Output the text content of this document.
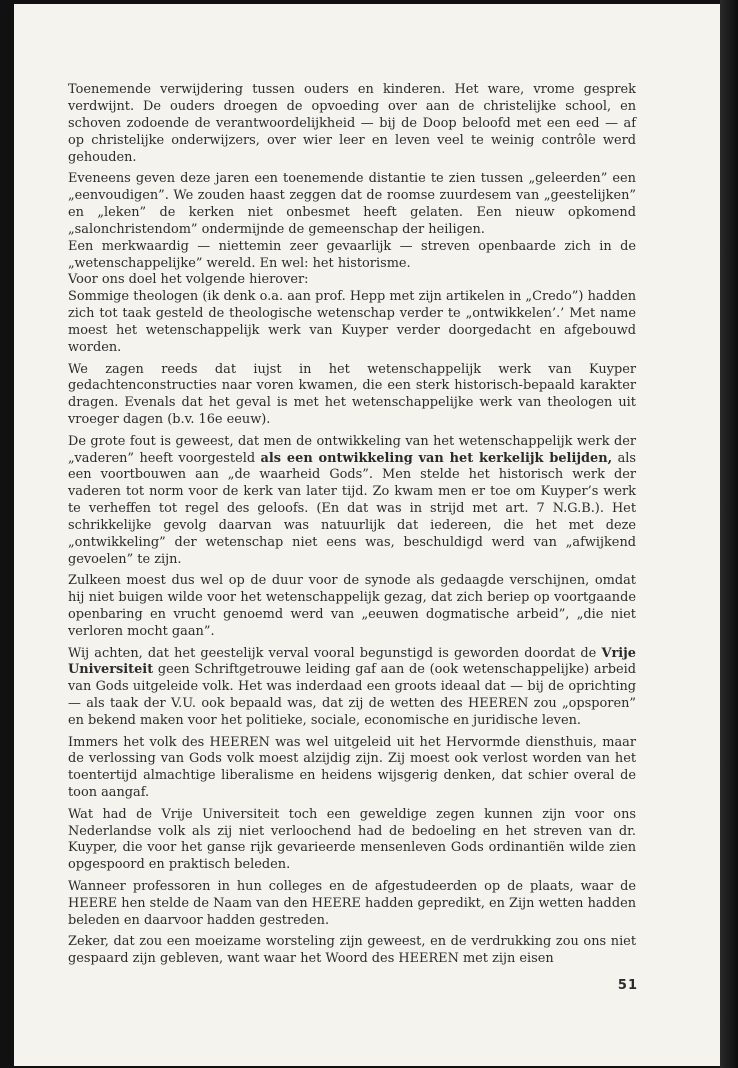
Toenemende verwijdering tussen ouders en kinderen. Het ware, vrome gesprek verdwijnt. De ouders droegen de opvoeding over aan de christelijke school, en schoven zodoende de verantwoordelijkheid — bij de Doop beloofd met een eed — af op christelijke onderwijzers, over wier leer en leven veel te weinig contrôle werd gehouden.

Eveneens geven deze jaren een toenemende distantie te zien tussen „geleerden” een „eenvoudigen”. We zouden haast zeggen dat de roomse zuurdesem van „geestelijken” en „leken” de kerken niet onbesmet heeft gelaten. Een nieuw opkomend „salonchristendom” ondermijnde de gemeenschap der heiligen.

Een merkwaardig — niettemin zeer gevaarlijk — streven openbaarde zich in de „wetenschappelijke” wereld. En wel: het historisme.

Voor ons doel het volgende hierover:

Sommige theologen (ik denk o.a. aan prof. Hepp met zijn artikelen in „Credo”) hadden zich tot taak gesteld de theologische wetenschap verder te „ontwikkelen’.’ Met name moest het wetenschappelijk werk van Kuyper verder doorgedacht en afgebouwd worden.

We zagen reeds dat iujst in het wetenschappelijk werk van Kuyper gedachtenconstructies naar voren kwamen, die een sterk historisch-bepaald karakter dragen. Evenals dat het geval is met het wetenschappelijke werk van theologen uit vroeger dagen (b.v. 16e eeuw).

De grote fout is geweest, dat men de ontwikkeling van het wetenschappelijk werk der „vaderen” heeft voorgesteld als een ontwikkeling van het kerkelijk belijden, als een voortbouwen aan „de waarheid Gods”. Men stelde het historisch werk der vaderen tot norm voor de kerk van later tijd. Zo kwam men er toe om Kuyper’s werk te verheffen tot regel des geloofs. (En dat was in strijd met art. 7 N.G.B.). Het schrikkelijke gevolg daarvan was natuurlijk dat iedereen, die het met deze „ontwikkeling” der wetenschap niet eens was, beschuldigd werd van „afwijkend gevoelen” te zijn.

Zulkeen moest dus wel op de duur voor de synode als gedaagde verschijnen, omdat hij niet buigen wilde voor het wetenschappelijk gezag, dat zich beriep op voortgaande openbaring en vrucht genoemd werd van „eeuwen dogmatische arbeid”, „die niet verloren mocht gaan”.

Wij achten, dat het geestelijk verval vooral begunstigd is geworden doordat de Vrije Universiteit geen Schriftgetrouwe leiding gaf aan de (ook wetenschappelijke) arbeid van Gods uitgeleide volk. Het was inderdaad een groots ideaal dat — bij de oprichting — als taak der V.U. ook bepaald was, dat zij de wetten des HEEREN zou „opsporen” en bekend maken voor het politieke, sociale, economische en juridische leven.

Immers het volk des HEEREN was wel uitgeleid uit het Hervormde diensthuis, maar de verlossing van Gods volk moest alzijdig zijn. Zij moest ook verlost worden van het toentertijd almachtige liberalisme en heidens wijsgerig denken, dat schier overal de toon aangaf.

Wat had de Vrije Universiteit toch een geweldige zegen kunnen zijn voor ons Nederlandse volk als zij niet verloochend had de bedoeling en het streven van dr. Kuyper, die voor het ganse rijk gevarieerde mensenleven Gods ordinantiën wilde zien opgespoord en praktisch beleden.

Wanneer professoren in hun colleges en de afgestudeerden op de plaats, waar de HEERE hen stelde de Naam van den HEERE hadden gepredikt, en Zijn wetten hadden beleden en daarvoor hadden gestreden.

Zeker, dat zou een moeizame worsteling zijn geweest, en de verdrukking zou ons niet gespaard zijn gebleven, want waar het Woord des HEEREN met zijn eisen

51
